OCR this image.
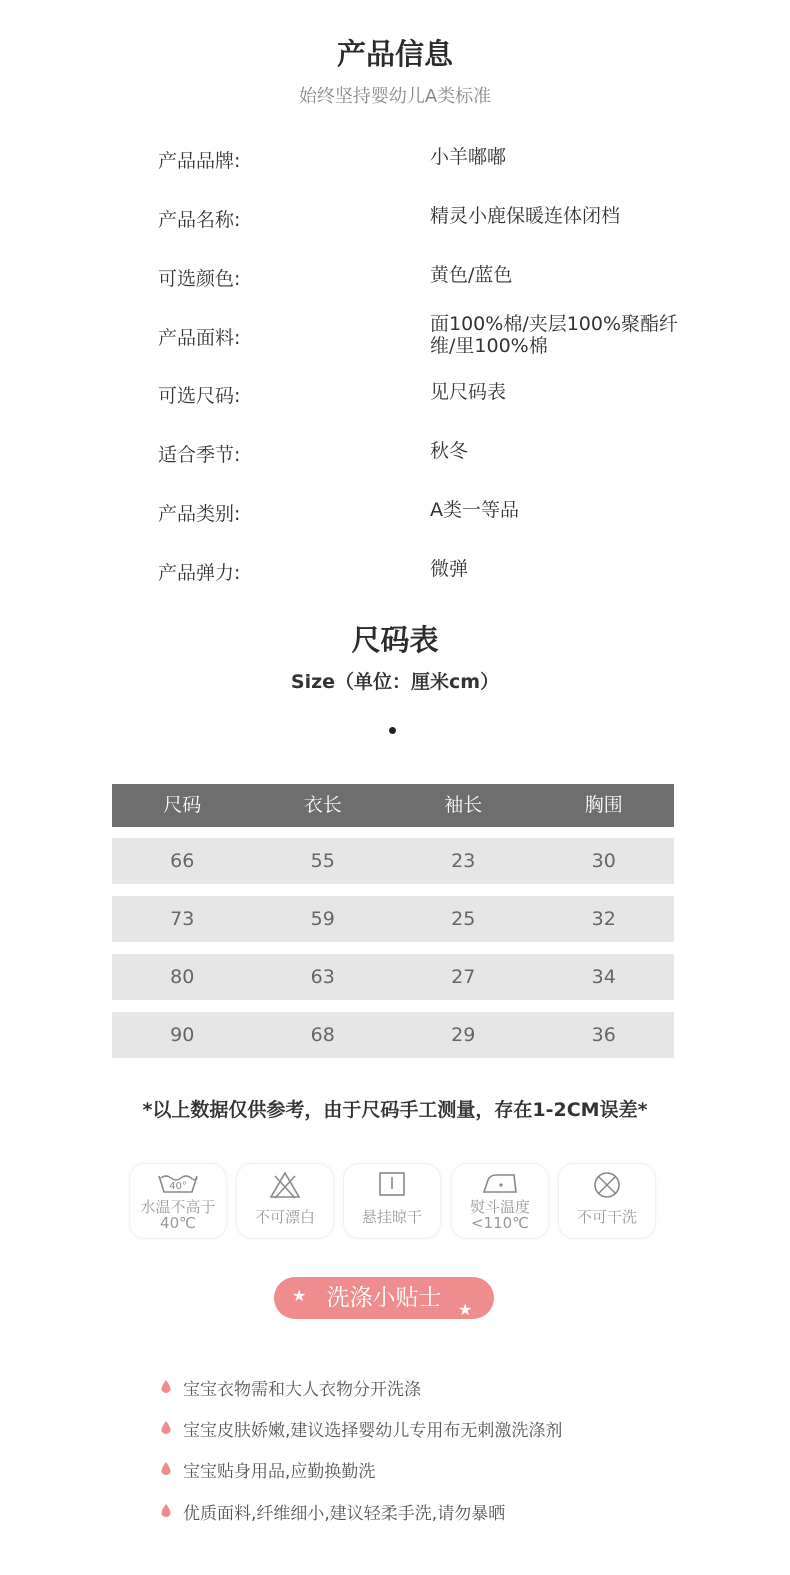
产品信息
始终坚持婴幼儿A类标准
产品品牌:	小羊嘟嘟
产品名称:	精灵小鹿保暖连体闭档
可选颜色:	黄色/蓝色
产品面料:
面100%棉/夹层100%聚酯纤维/里100%棉
可选尺码:	见尺码表
适合季节:	秋冬
产品类别:	A类一等品
产品弹力:	微弹
尺码表
Size（单位：厘米cm）
尺码	衣长	袖长	胸围
66	55	23	30
73	59	25	32
80	63	27	34
90	68	29	36
*以上数据仅供参考，由于尺码手工测量，存在1-2CM误差*
40°
水温不高于40℃	不可漂白	悬挂晾干
熨斗温度<110℃	不可干洗
★ 洗涤小贴士 ★
宝宝衣物需和大人衣物分开洗涤
宝宝皮肤娇嫩,建议选择婴幼儿专用布无刺激洗涤剂
宝宝贴身用品,应勤换勤洗
优质面料,纤维细小,建议轻柔手洗,请勿暴晒
